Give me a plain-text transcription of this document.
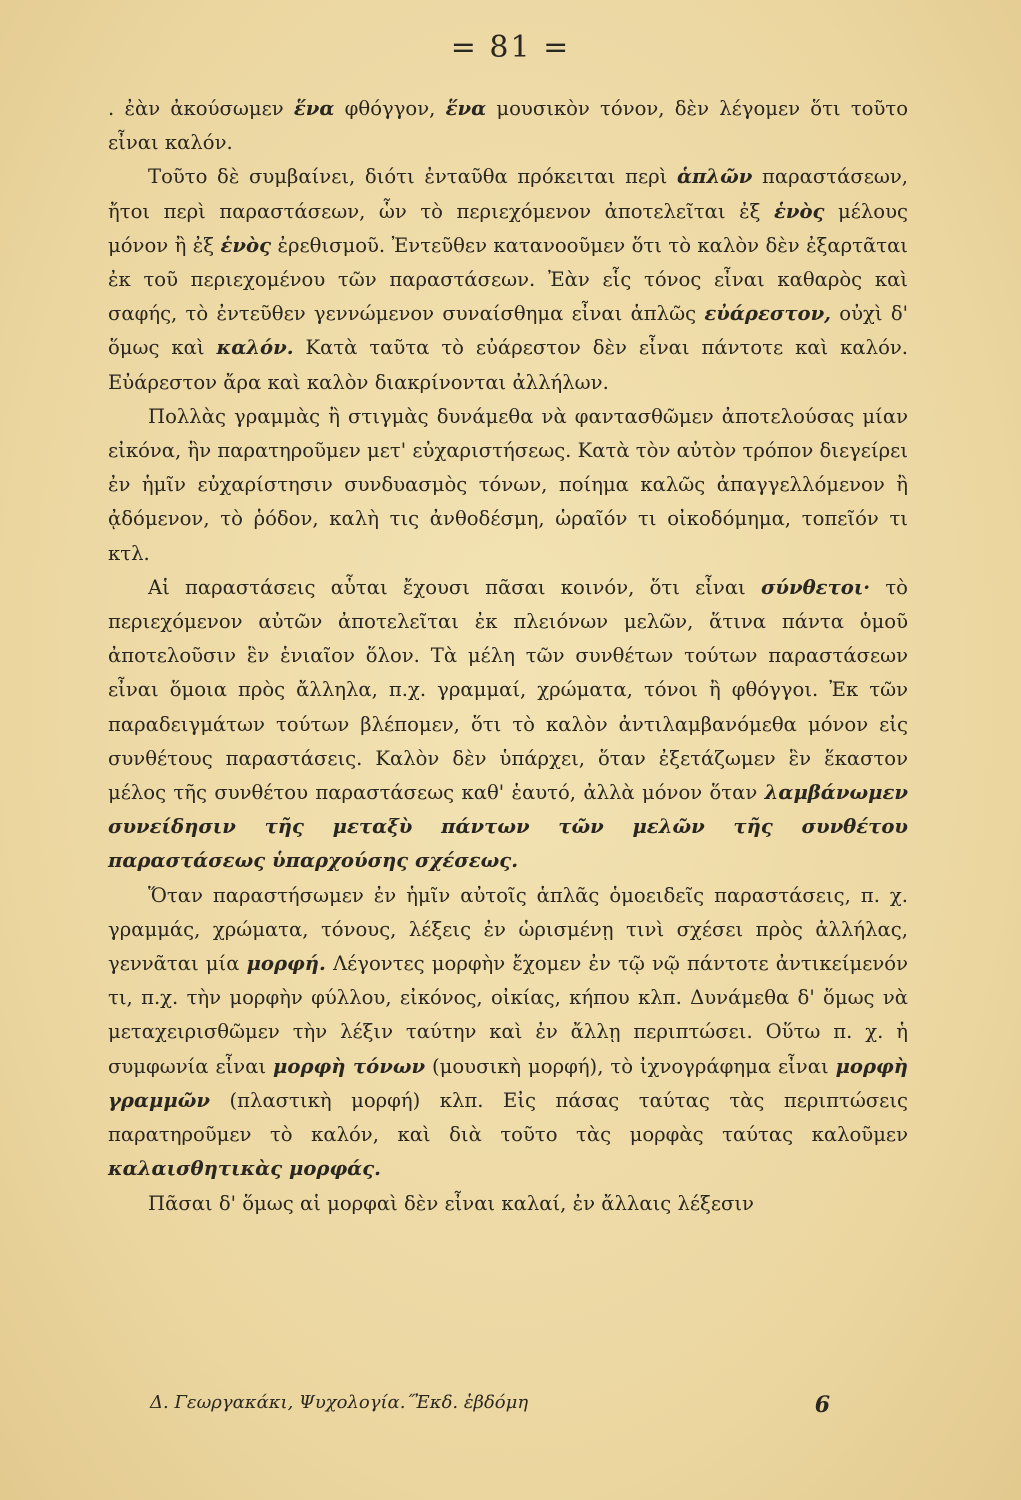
= 81 =

. ἐὰν ἀκούσωμεν ἕνα φθόγγον, ἕνα μουσικὸν τόνον, δὲν λέγομεν ὅτι τοῦτο εἶναι καλόν.

Τοῦτο δὲ συμβαίνει, διότι ἐνταῦθα πρόκειται περὶ ἁπλῶν παραστάσεων, ἤτοι περὶ παραστάσεων, ὧν τὸ περιεχόμενον ἀποτελεῖται ἐξ ἑνὸς μέλους μόνον ἢ ἐξ ἑνὸς ἐρεθισμοῦ. Ἐντεῦθεν κατανοοῦμεν ὅτι τὸ καλὸν δὲν ἐξαρτᾶται ἐκ τοῦ περιεχομένου τῶν παραστάσεων. Ἐὰν εἷς τόνος εἶναι καθαρὸς καὶ σαφής, τὸ ἐντεῦθεν γεννώμενον συναίσθημα εἶναι ἁπλῶς εὐάρεστον, οὐχὶ δ' ὅμως καὶ καλόν. Κατὰ ταῦτα τὸ εὐάρεστον δὲν εἶναι πάντοτε καὶ καλόν. Εὐάρεστον ἄρα καὶ καλὸν διακρίνονται ἀλλήλων.

Πολλὰς γραμμὰς ἢ στιγμὰς δυνάμεθα νὰ φαντασθῶμεν ἀποτελούσας μίαν εἰκόνα, ἣν παρατηροῦμεν μετ' εὐχαριστήσεως. Κατὰ τὸν αὐτὸν τρόπον διεγείρει ἐν ἡμῖν εὐχαρίστησιν συνδυασμὸς τόνων, ποίημα καλῶς ἀπαγγελλόμενον ἢ ᾀδόμενον, τὸ ῥόδον, καλὴ τις ἀνθοδέσμη, ὡραῖόν τι οἰκοδόμημα, τοπεῖόν τι κτλ.

Αἱ παραστάσεις αὗται ἔχουσι πᾶσαι κοινόν, ὅτι εἶναι σύνθετοι· τὸ περιεχόμενον αὐτῶν ἀποτελεῖται ἐκ πλειόνων μελῶν, ἅτινα πάντα ὁμοῦ ἀποτελοῦσιν ἓν ἑνιαῖον ὅλον. Τὰ μέλη τῶν συνθέτων τούτων παραστάσεων εἶναι ὅμοια πρὸς ἄλληλα, π.χ. γραμμαί, χρώματα, τόνοι ἢ φθόγγοι. Ἐκ τῶν παραδειγμάτων τούτων βλέπομεν, ὅτι τὸ καλὸν ἀντιλαμβανόμεθα μόνον εἰς συνθέτους παραστάσεις. Καλὸν δὲν ὑπάρχει, ὅταν ἐξετάζωμεν ἓν ἕκαστον μέλος τῆς συνθέτου παραστάσεως καθ' ἑαυτό, ἀλλὰ μόνον ὅταν λαμβάνωμεν συνείδησιν τῆς μεταξὺ πάντων τῶν μελῶν τῆς συνθέτου παραστάσεως ὑπαρχούσης σχέσεως.

Ὅταν παραστήσωμεν ἐν ἡμῖν αὐτοῖς ἁπλᾶς ὁμοειδεῖς παραστάσεις, π. χ. γραμμάς, χρώματα, τόνους, λέξεις ἐν ὡρισμένῃ τινὶ σχέσει πρὸς ἀλλήλας, γεννᾶται μία μορφή. Λέγοντες μορφὴν ἔχομεν ἐν τῷ νῷ πάντοτε ἀντικείμενόν τι, π.χ. τὴν μορφὴν φύλλου, εἰκόνος, οἰκίας, κήπου κλπ. Δυνάμεθα δ' ὅμως νὰ μεταχειρισθῶμεν τὴν λέξιν ταύτην καὶ ἐν ἄλλῃ περιπτώσει. Οὕτω π. χ. ἡ συμφωνία εἶναι μορφὴ τόνων (μουσικὴ μορφή), τὸ ἰχνογράφημα εἶναι μορφὴ γραμμῶν (πλαστικὴ μορφή) κλπ. Εἰς πάσας ταύτας τὰς περιπτώσεις παρατηροῦμεν τὸ καλόν, καὶ διὰ τοῦτο τὰς μορφὰς ταύτας καλοῦμεν καλαισθητικὰς μορφάς.

Πᾶσαι δ' ὅμως αἱ μορφαὶ δὲν εἶναι καλαί, ἐν ἄλλαις λέξεσιν

Δ. Γεωργακάκι, Ψυχολογία.˝Ἐκδ. ἑβδόμη	6
